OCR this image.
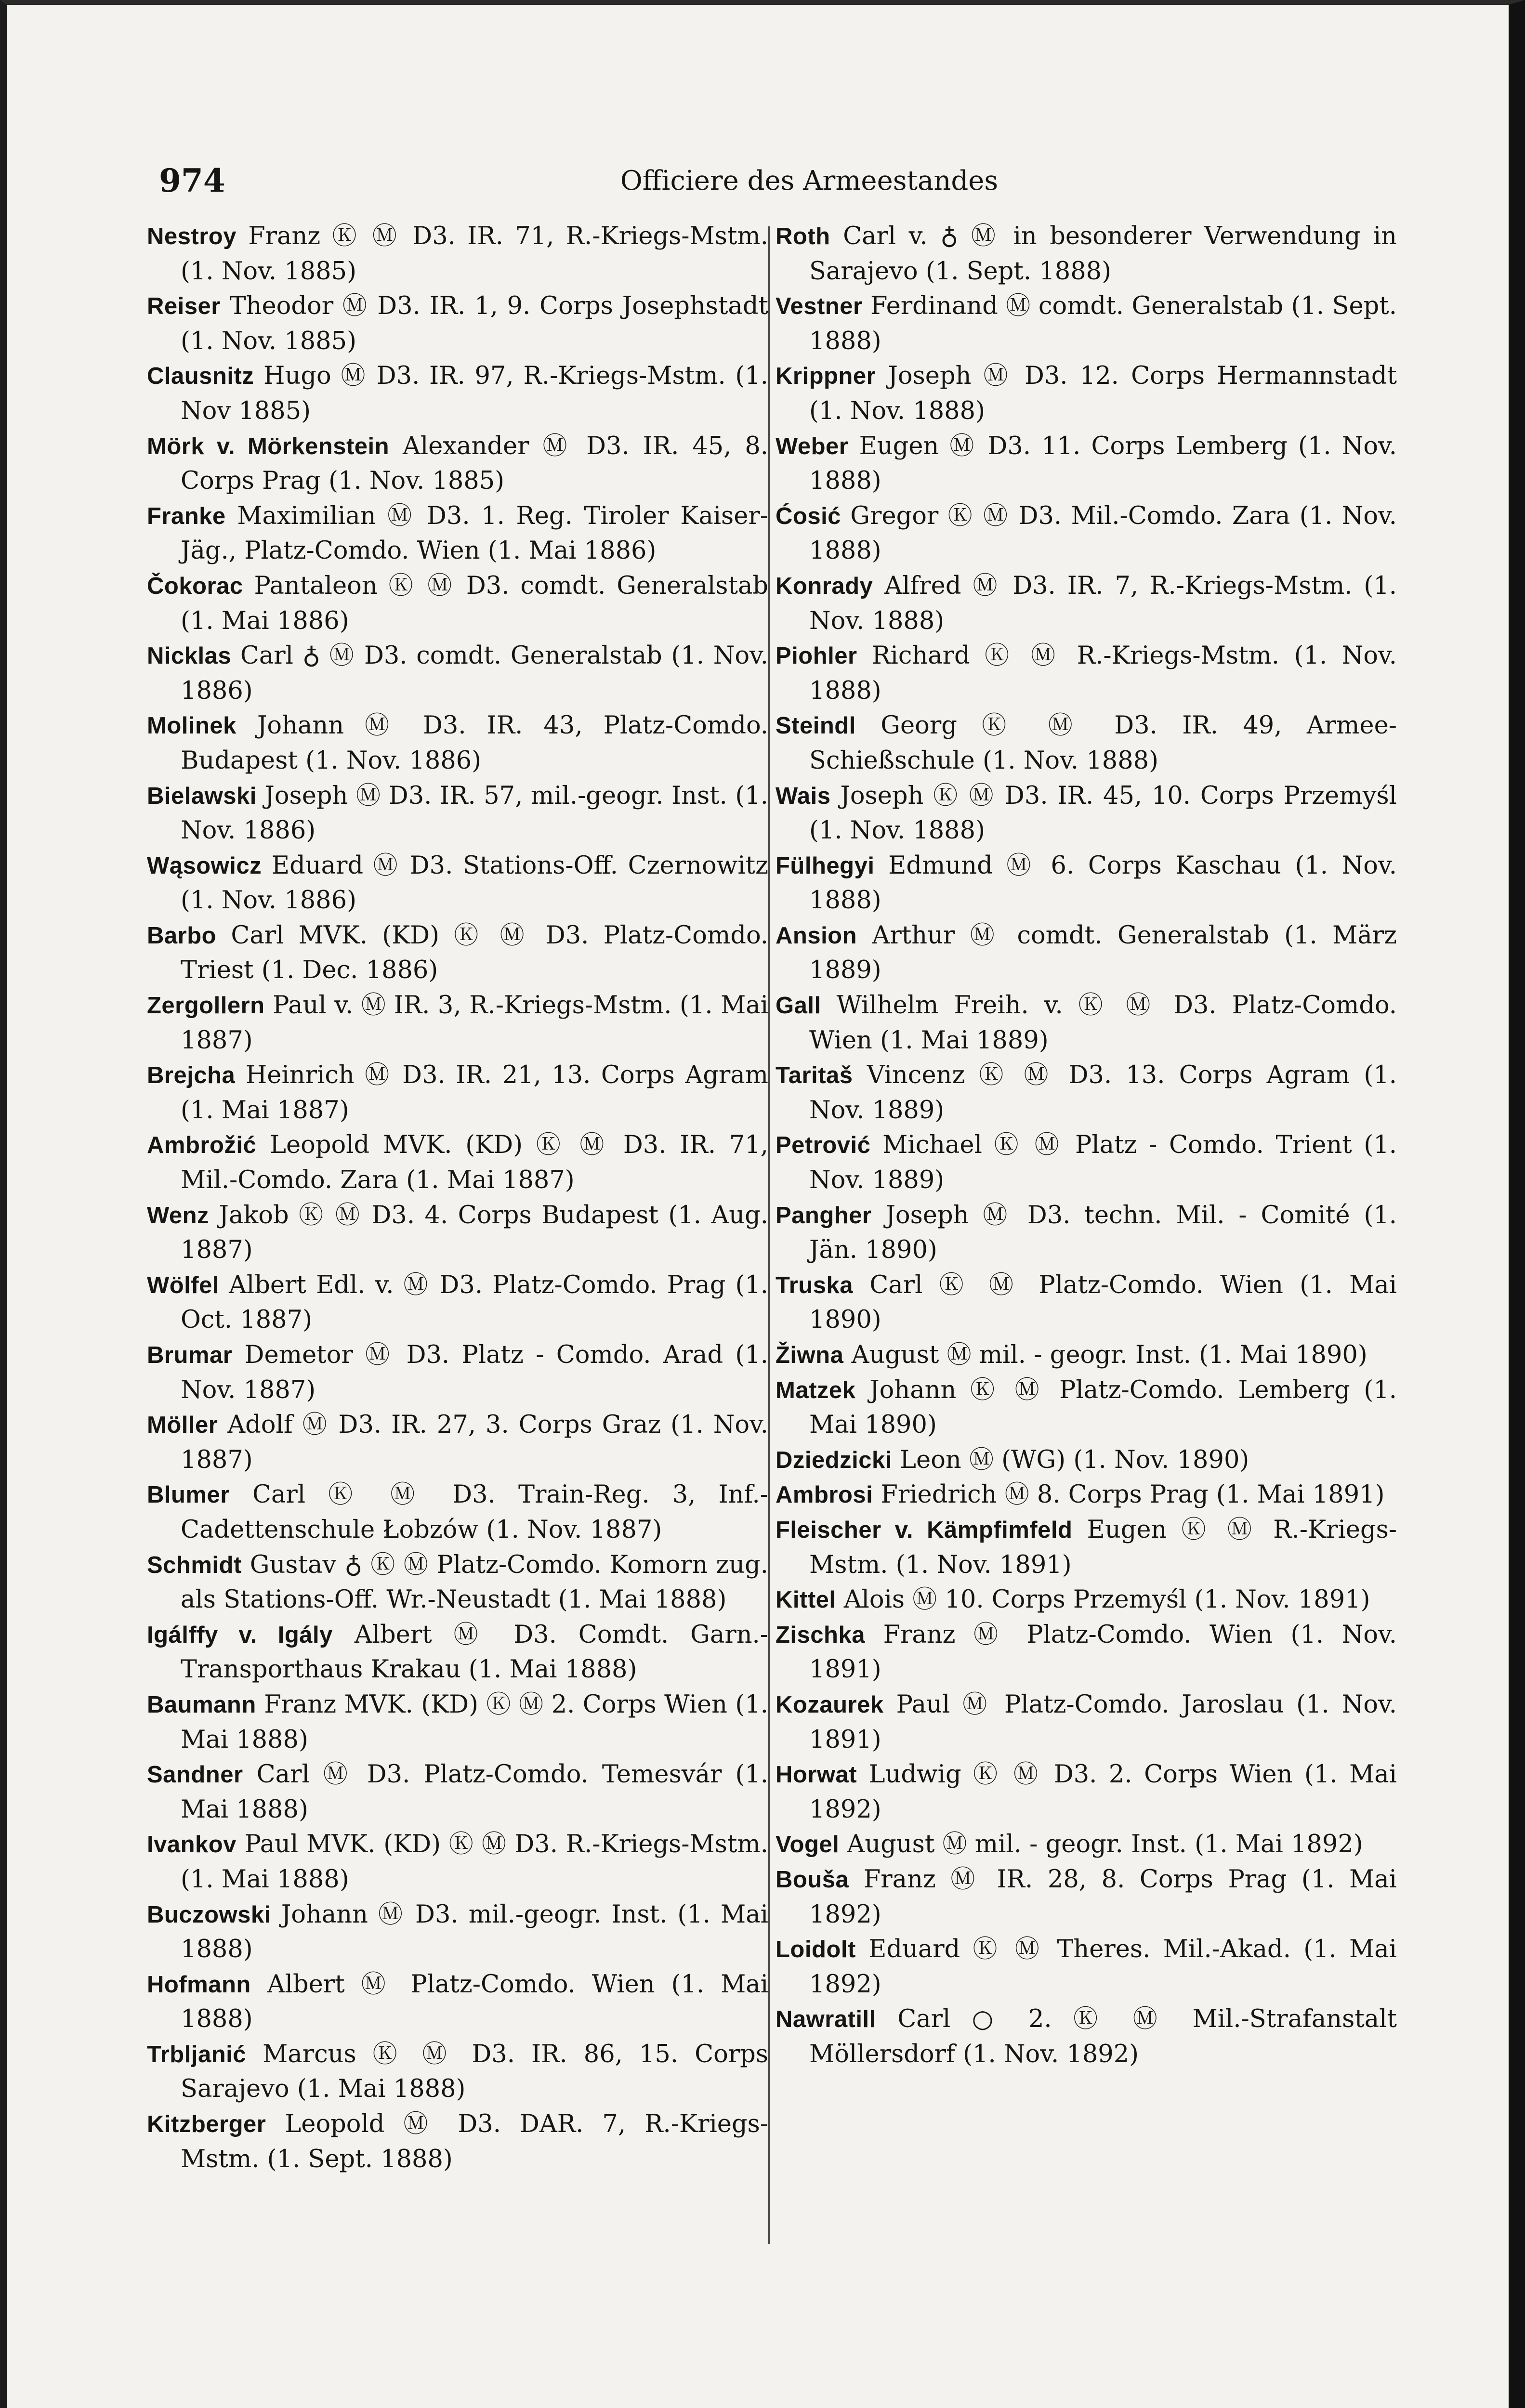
974	Officiere des Armeestandes
Nestroy Franz Ⓚ Ⓜ D3. IR. 71, R.-Kriegs-Mstm. (1. Nov. 1885)
Reiser Theodor Ⓜ D3. IR. 1, 9. Corps Josephstadt (1. Nov. 1885)
Clausnitz Hugo Ⓜ D3. IR. 97, R.-Kriegs-Mstm. (1. Nov 1885)
Mörk v. Mörkenstein Alexander Ⓜ D3. IR. 45, 8. Corps Prag (1. Nov. 1885)
Franke Maximilian Ⓜ D3. 1. Reg. Tiroler Kaiser-Jäg., Platz-Comdo. Wien (1. Mai 1886)
Čokorac Pantaleon Ⓚ Ⓜ D3. comdt. Generalstab (1. Mai 1886)
Nicklas Carl ♁ Ⓜ D3. comdt. Generalstab (1. Nov. 1886)
Molinek Johann Ⓜ D3. IR. 43, Platz-Comdo. Budapest (1. Nov. 1886)
Bielawski Joseph Ⓜ D3. IR. 57, mil.-geogr. Inst. (1. Nov. 1886)
Wąsowicz Eduard Ⓜ D3. Stations-Off. Czernowitz (1. Nov. 1886)
Barbo Carl MVK. (KD) Ⓚ Ⓜ D3. Platz-Comdo. Triest (1. Dec. 1886)
Zergollern Paul v. Ⓜ IR. 3, R.-Kriegs-Mstm. (1. Mai 1887)
Brejcha Heinrich Ⓜ D3. IR. 21, 13. Corps Agram (1. Mai 1887)
Ambrožić Leopold MVK. (KD) Ⓚ Ⓜ D3. IR. 71, Mil.-Comdo. Zara (1. Mai 1887)
Wenz Jakob Ⓚ Ⓜ D3. 4. Corps Budapest (1. Aug. 1887)
Wölfel Albert Edl. v. Ⓜ D3. Platz-Comdo. Prag (1. Oct. 1887)
Brumar Demetor Ⓜ D3. Platz - Comdo. Arad (1. Nov. 1887)
Möller Adolf Ⓜ D3. IR. 27, 3. Corps Graz (1. Nov. 1887)
Blumer Carl Ⓚ Ⓜ D3. Train-Reg. 3, Inf.-Cadettenschule Łobzów (1. Nov. 1887)
Schmidt Gustav ♁ Ⓚ Ⓜ Platz-Comdo. Komorn zug. als Stations-Off. Wr.-Neustadt (1. Mai 1888)
Igálffy v. Igály Albert Ⓜ D3. Comdt. Garn.-Transporthaus Krakau (1. Mai 1888)
Baumann Franz MVK. (KD) Ⓚ Ⓜ 2. Corps Wien (1. Mai 1888)
Sandner Carl Ⓜ D3. Platz-Comdo. Temesvár (1. Mai 1888)
Ivankov Paul MVK. (KD) Ⓚ Ⓜ D3. R.-Kriegs-Mstm. (1. Mai 1888)
Buczowski Johann Ⓜ D3. mil.-geogr. Inst. (1. Mai 1888)
Hofmann Albert Ⓜ Platz-Comdo. Wien (1. Mai 1888)
Trbljanić Marcus Ⓚ Ⓜ D3. IR. 86, 15. Corps Sarajevo (1. Mai 1888)
Kitzberger Leopold Ⓜ D3. DAR. 7, R.-Kriegs-Mstm. (1. Sept. 1888)
Roth Carl v. ♁ Ⓜ in besonderer Verwendung in Sarajevo (1. Sept. 1888)
Vestner Ferdinand Ⓜ comdt. Generalstab (1. Sept. 1888)
Krippner Joseph Ⓜ D3. 12. Corps Hermannstadt (1. Nov. 1888)
Weber Eugen Ⓜ D3. 11. Corps Lemberg (1. Nov. 1888)
Ćosić Gregor Ⓚ Ⓜ D3. Mil.-Comdo. Zara (1. Nov. 1888)
Konrady Alfred Ⓜ D3. IR. 7, R.-Kriegs-Mstm. (1. Nov. 1888)
Piohler Richard Ⓚ Ⓜ R.-Kriegs-Mstm. (1. Nov. 1888)
Steindl Georg Ⓚ Ⓜ D3. IR. 49, Armee-Schießschule (1. Nov. 1888)
Wais Joseph Ⓚ Ⓜ D3. IR. 45, 10. Corps Przemyśl (1. Nov. 1888)
Fülhegyi Edmund Ⓜ 6. Corps Kaschau (1. Nov. 1888)
Ansion Arthur Ⓜ comdt. Generalstab (1. März 1889)
Gall Wilhelm Freih. v. Ⓚ Ⓜ D3. Platz-Comdo. Wien (1. Mai 1889)
Taritaš Vincenz Ⓚ Ⓜ D3. 13. Corps Agram (1. Nov. 1889)
Petrović Michael Ⓚ Ⓜ Platz - Comdo. Trient (1. Nov. 1889)
Pangher Joseph Ⓜ D3. techn. Mil. - Comité (1. Jän. 1890)
Truska Carl Ⓚ Ⓜ Platz-Comdo. Wien (1. Mai 1890)
Žiwna August Ⓜ mil. - geogr. Inst. (1. Mai 1890)
Matzek Johann Ⓚ Ⓜ Platz-Comdo. Lemberg (1. Mai 1890)
Dziedzicki Leon Ⓜ (WG) (1. Nov. 1890)
Ambrosi Friedrich Ⓜ 8. Corps Prag (1. Mai 1891)
Fleischer v. Kämpfimfeld Eugen Ⓚ Ⓜ R.-Kriegs-Mstm. (1. Nov. 1891)
Kittel Alois Ⓜ 10. Corps Przemyśl (1. Nov. 1891)
Zischka Franz Ⓜ Platz-Comdo. Wien (1. Nov. 1891)
Kozaurek Paul Ⓜ Platz-Comdo. Jaroslau (1. Nov. 1891)
Horwat Ludwig Ⓚ Ⓜ D3. 2. Corps Wien (1. Mai 1892)
Vogel August Ⓜ mil. - geogr. Inst. (1. Mai 1892)
Bouša Franz Ⓜ IR. 28, 8. Corps Prag (1. Mai 1892)
Loidolt Eduard Ⓚ Ⓜ Theres. Mil.-Akad. (1. Mai 1892)
Nawratill Carl ○ 2. Ⓚ Ⓜ Mil.-Strafanstalt Möllersdorf (1. Nov. 1892)
